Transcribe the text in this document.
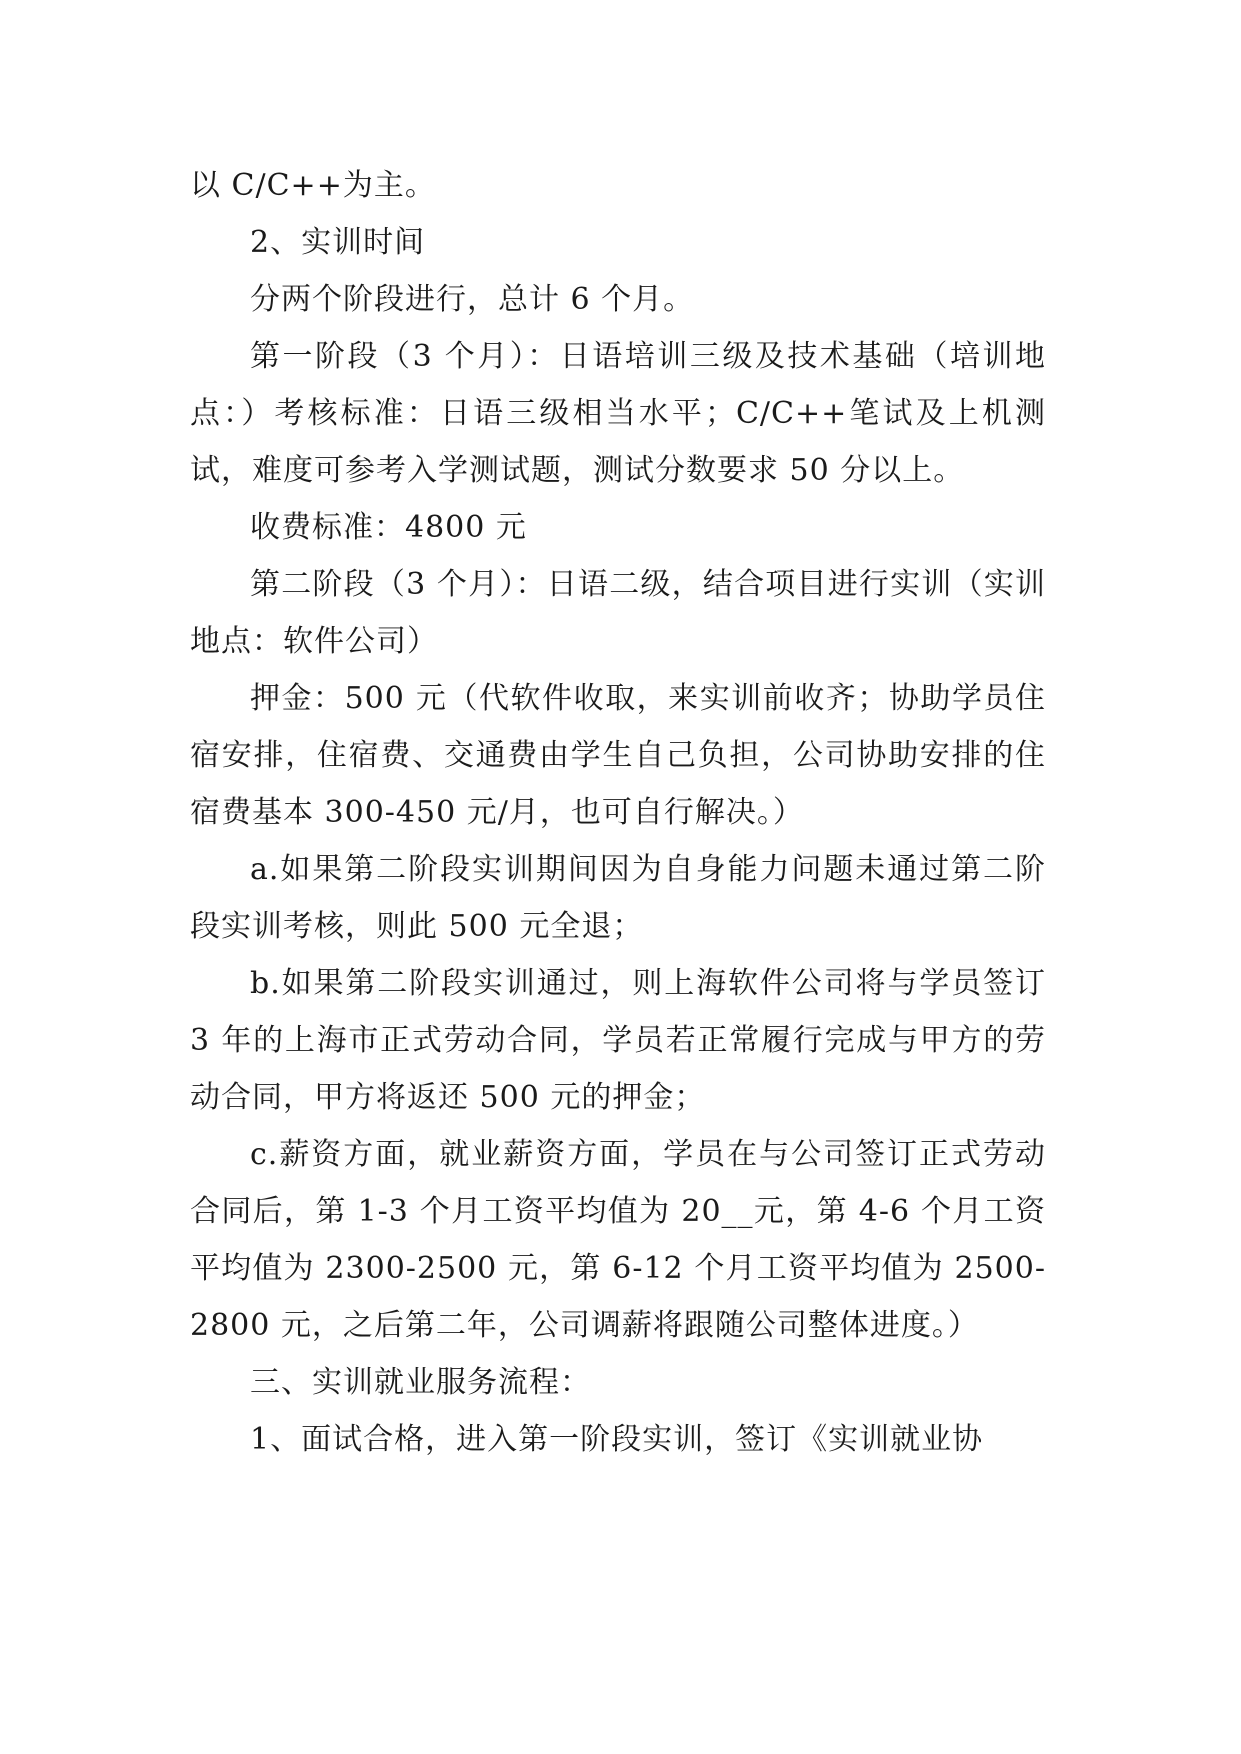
以 C/C++为主。

2、实训时间

分两个阶段进行，总计 6 个月。

第一阶段（3 个月）：日语培训三级及技术基础（培训地点：）考核标准：日语三级相当水平；C/C++笔试及上机测试，难度可参考入学测试题，测试分数要求 50 分以上。

收费标准：4800 元

第二阶段（3 个月）：日语二级，结合项目进行实训（实训地点：软件公司）

押金：500 元（代软件收取，来实训前收齐；协助学员住宿安排，住宿费、交通费由学生自己负担，公司协助安排的住宿费基本 300-450 元/月，也可自行解决。）

a.如果第二阶段实训期间因为自身能力问题未通过第二阶段实训考核，则此 500 元全退；

b.如果第二阶段实训通过，则上海软件公司将与学员签订 3 年的上海市正式劳动合同，学员若正常履行完成与甲方的劳动合同，甲方将返还 500 元的押金；

c.薪资方面，就业薪资方面，学员在与公司签订正式劳动合同后，第 1-3 个月工资平均值为 20__元，第 4-6 个月工资平均值为 2300-2500 元，第 6-12 个月工资平均值为 2500-2800 元，之后第二年，公司调薪将跟随公司整体进度。）

三、实训就业服务流程：

1、面试合格，进入第一阶段实训，签订《实训就业协
